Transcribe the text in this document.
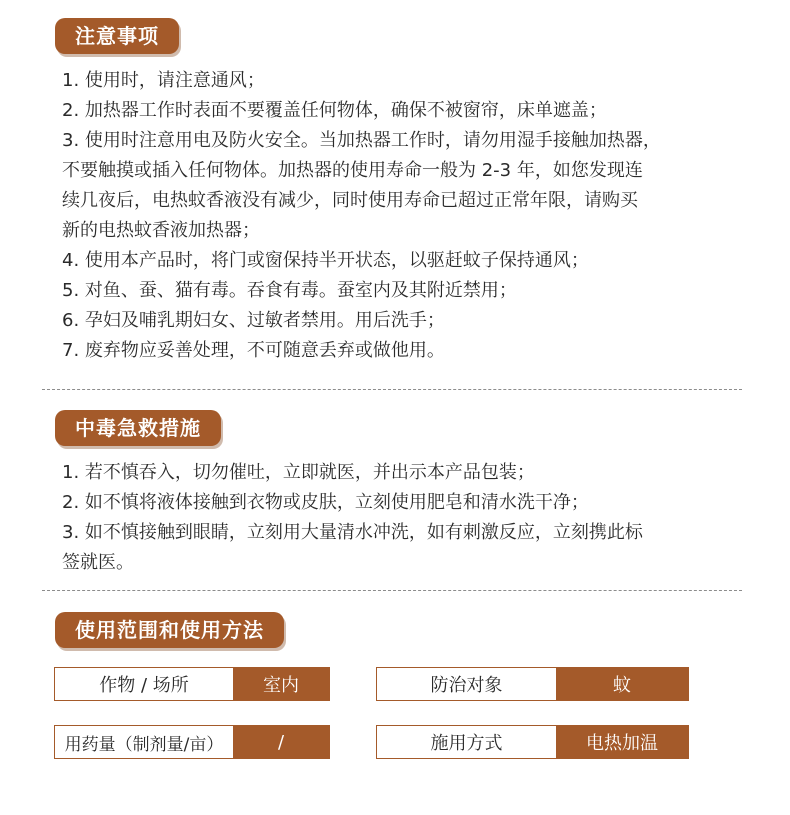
注意事项
1. 使用时，请注意通风；
2. 加热器工作时表面不要覆盖任何物体，确保不被窗帘，床单遮盖；
3. 使用时注意用电及防火安全。当加热器工作时，请勿用湿手接触加热器，
不要触摸或插入任何物体。加热器的使用寿命一般为 2-3 年，如您发现连
续几夜后，电热蚊香液没有减少，同时使用寿命已超过正常年限，请购买
新的电热蚊香液加热器；
4. 使用本产品时，将门或窗保持半开状态，以驱赶蚊子保持通风；
5. 对鱼、蚕、猫有毒。吞食有毒。蚕室内及其附近禁用；
6. 孕妇及哺乳期妇女、过敏者禁用。用后洗手；
7. 废弃物应妥善处理，不可随意丢弃或做他用。
中毒急救措施
1. 若不慎吞入，切勿催吐，立即就医，并出示本产品包装；
2. 如不慎将液体接触到衣物或皮肤，立刻使用肥皂和清水洗干净；
3. 如不慎接触到眼睛，立刻用大量清水冲洗，如有刺激反应，立刻携此标
签就医。
使用范围和使用方法
作物 / 场所	室内	防治对象	蚊
用药量（制剂量/亩）	/	施用方式	电热加温
